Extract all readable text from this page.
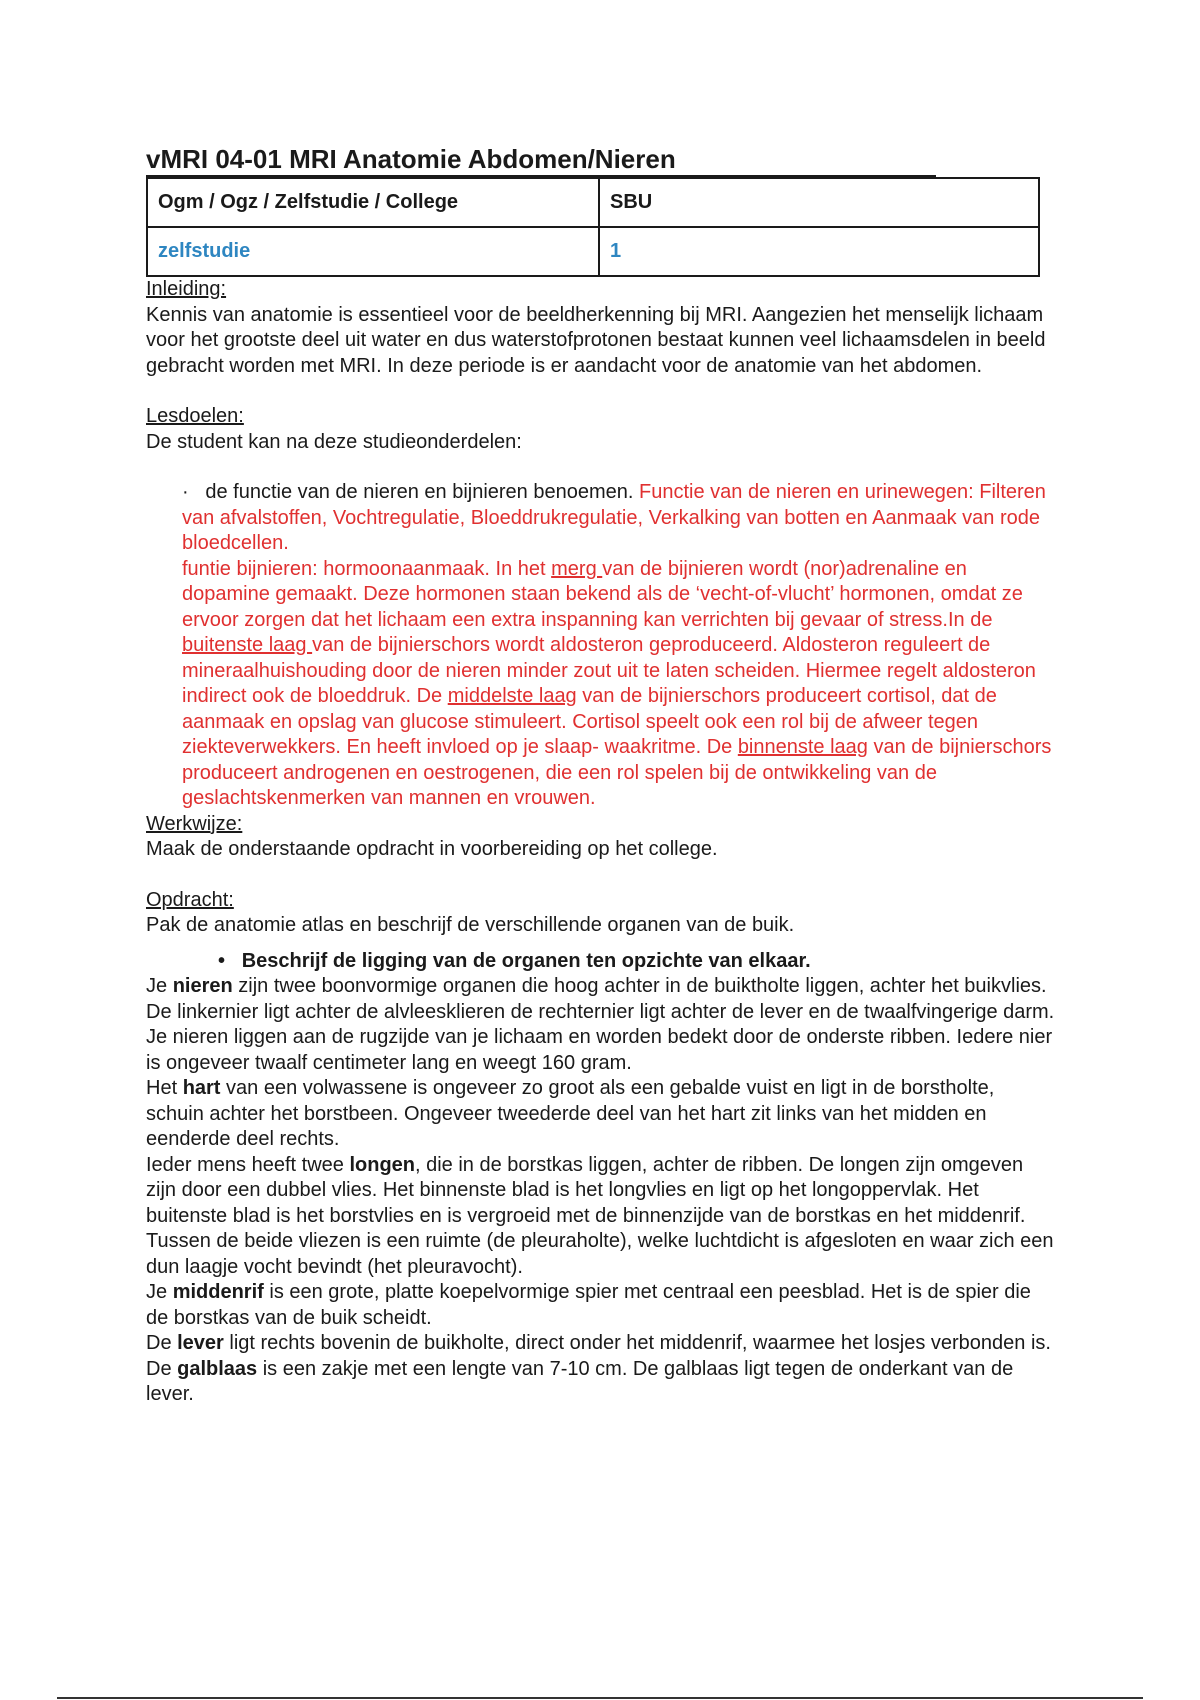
vMRI 04-01 MRI Anatomie Abdomen/Nieren
Ogm / Ogz / Zelfstudie / College	SBU
zelfstudie	1

Inleiding:

Kennis van anatomie is essentieel voor de beeldherkenning bij MRI. Aangezien het menselijk lichaam voor het grootste deel uit water en dus waterstofprotonen bestaat kunnen veel lichaamsdelen in beeld gebracht worden met MRI. In deze periode is er aandacht voor de anatomie van het abdomen.

Lesdoelen:

De student kan na deze studieonderdelen:

· de functie van de nieren en bijnieren benoemen. Functie van de nieren en urinewegen: Filteren van afvalstoffen, Vochtregulatie, Bloeddrukregulatie, Verkalking van botten en Aanmaak van rode bloedcellen.

funtie bijnieren: hormoonaanmaak. In het merg van de bijnieren wordt (nor)adrenaline en dopamine gemaakt. Deze hormonen staan bekend als de ‘vecht-of-vlucht’ hormonen, omdat ze ervoor zorgen dat het lichaam een extra inspanning kan verrichten bij gevaar of stress.In de buitenste laag van de bijnierschors wordt aldosteron geproduceerd. Aldosteron reguleert de mineraalhuishouding door de nieren minder zout uit te laten scheiden. Hiermee regelt aldosteron indirect ook de bloeddruk. De middelste laag van de bijnierschors produceert cortisol, dat de aanmaak en opslag van glucose stimuleert. Cortisol speelt ook een rol bij de afweer tegen ziekteverwekkers. En heeft invloed op je slaap- waakritme. De binnenste laag van de bijnierschors produceert androgenen en oestrogenen, die een rol spelen bij de ontwikkeling van de geslachtskenmerken van mannen en vrouwen.

Werkwijze:

Maak de onderstaande opdracht in voorbereiding op het college.

Opdracht:

Pak de anatomie atlas en beschrijf de verschillende organen van de buik.

• Beschrijf de ligging van de organen ten opzichte van elkaar.

Je nieren zijn twee boonvormige organen die hoog achter in de buiktholte liggen, achter het buikvlies. De linkernier ligt achter de alvleesklieren de rechternier ligt achter de lever en de twaalfvingerige darm. Je nieren liggen aan de rugzijde van je lichaam en worden bedekt door de onderste ribben. Iedere nier is ongeveer twaalf centimeter lang en weegt 160 gram.

Het hart van een volwassene is ongeveer zo groot als een gebalde vuist en ligt in de borstholte, schuin achter het borstbeen. Ongeveer tweederde deel van het hart zit links van het midden en eenderde deel rechts.

Ieder mens heeft twee longen, die in de borstkas liggen, achter de ribben. De longen zijn omgeven zijn door een dubbel vlies. Het binnenste blad is het longvlies en ligt op het longoppervlak. Het buitenste blad is het borstvlies en is vergroeid met de binnenzijde van de borstkas en het middenrif. Tussen de beide vliezen is een ruimte (de pleuraholte), welke luchtdicht is afgesloten en waar zich een dun laagje vocht bevindt (het pleuravocht).

Je middenrif is een grote, platte koepelvormige spier met centraal een peesblad. Het is de spier die de borstkas van de buik scheidt.

De lever ligt rechts bovenin de buikholte, direct onder het middenrif, waarmee het losjes verbonden is.

De galblaas is een zakje met een lengte van 7-10 cm. De galblaas ligt tegen de onderkant van de lever.
